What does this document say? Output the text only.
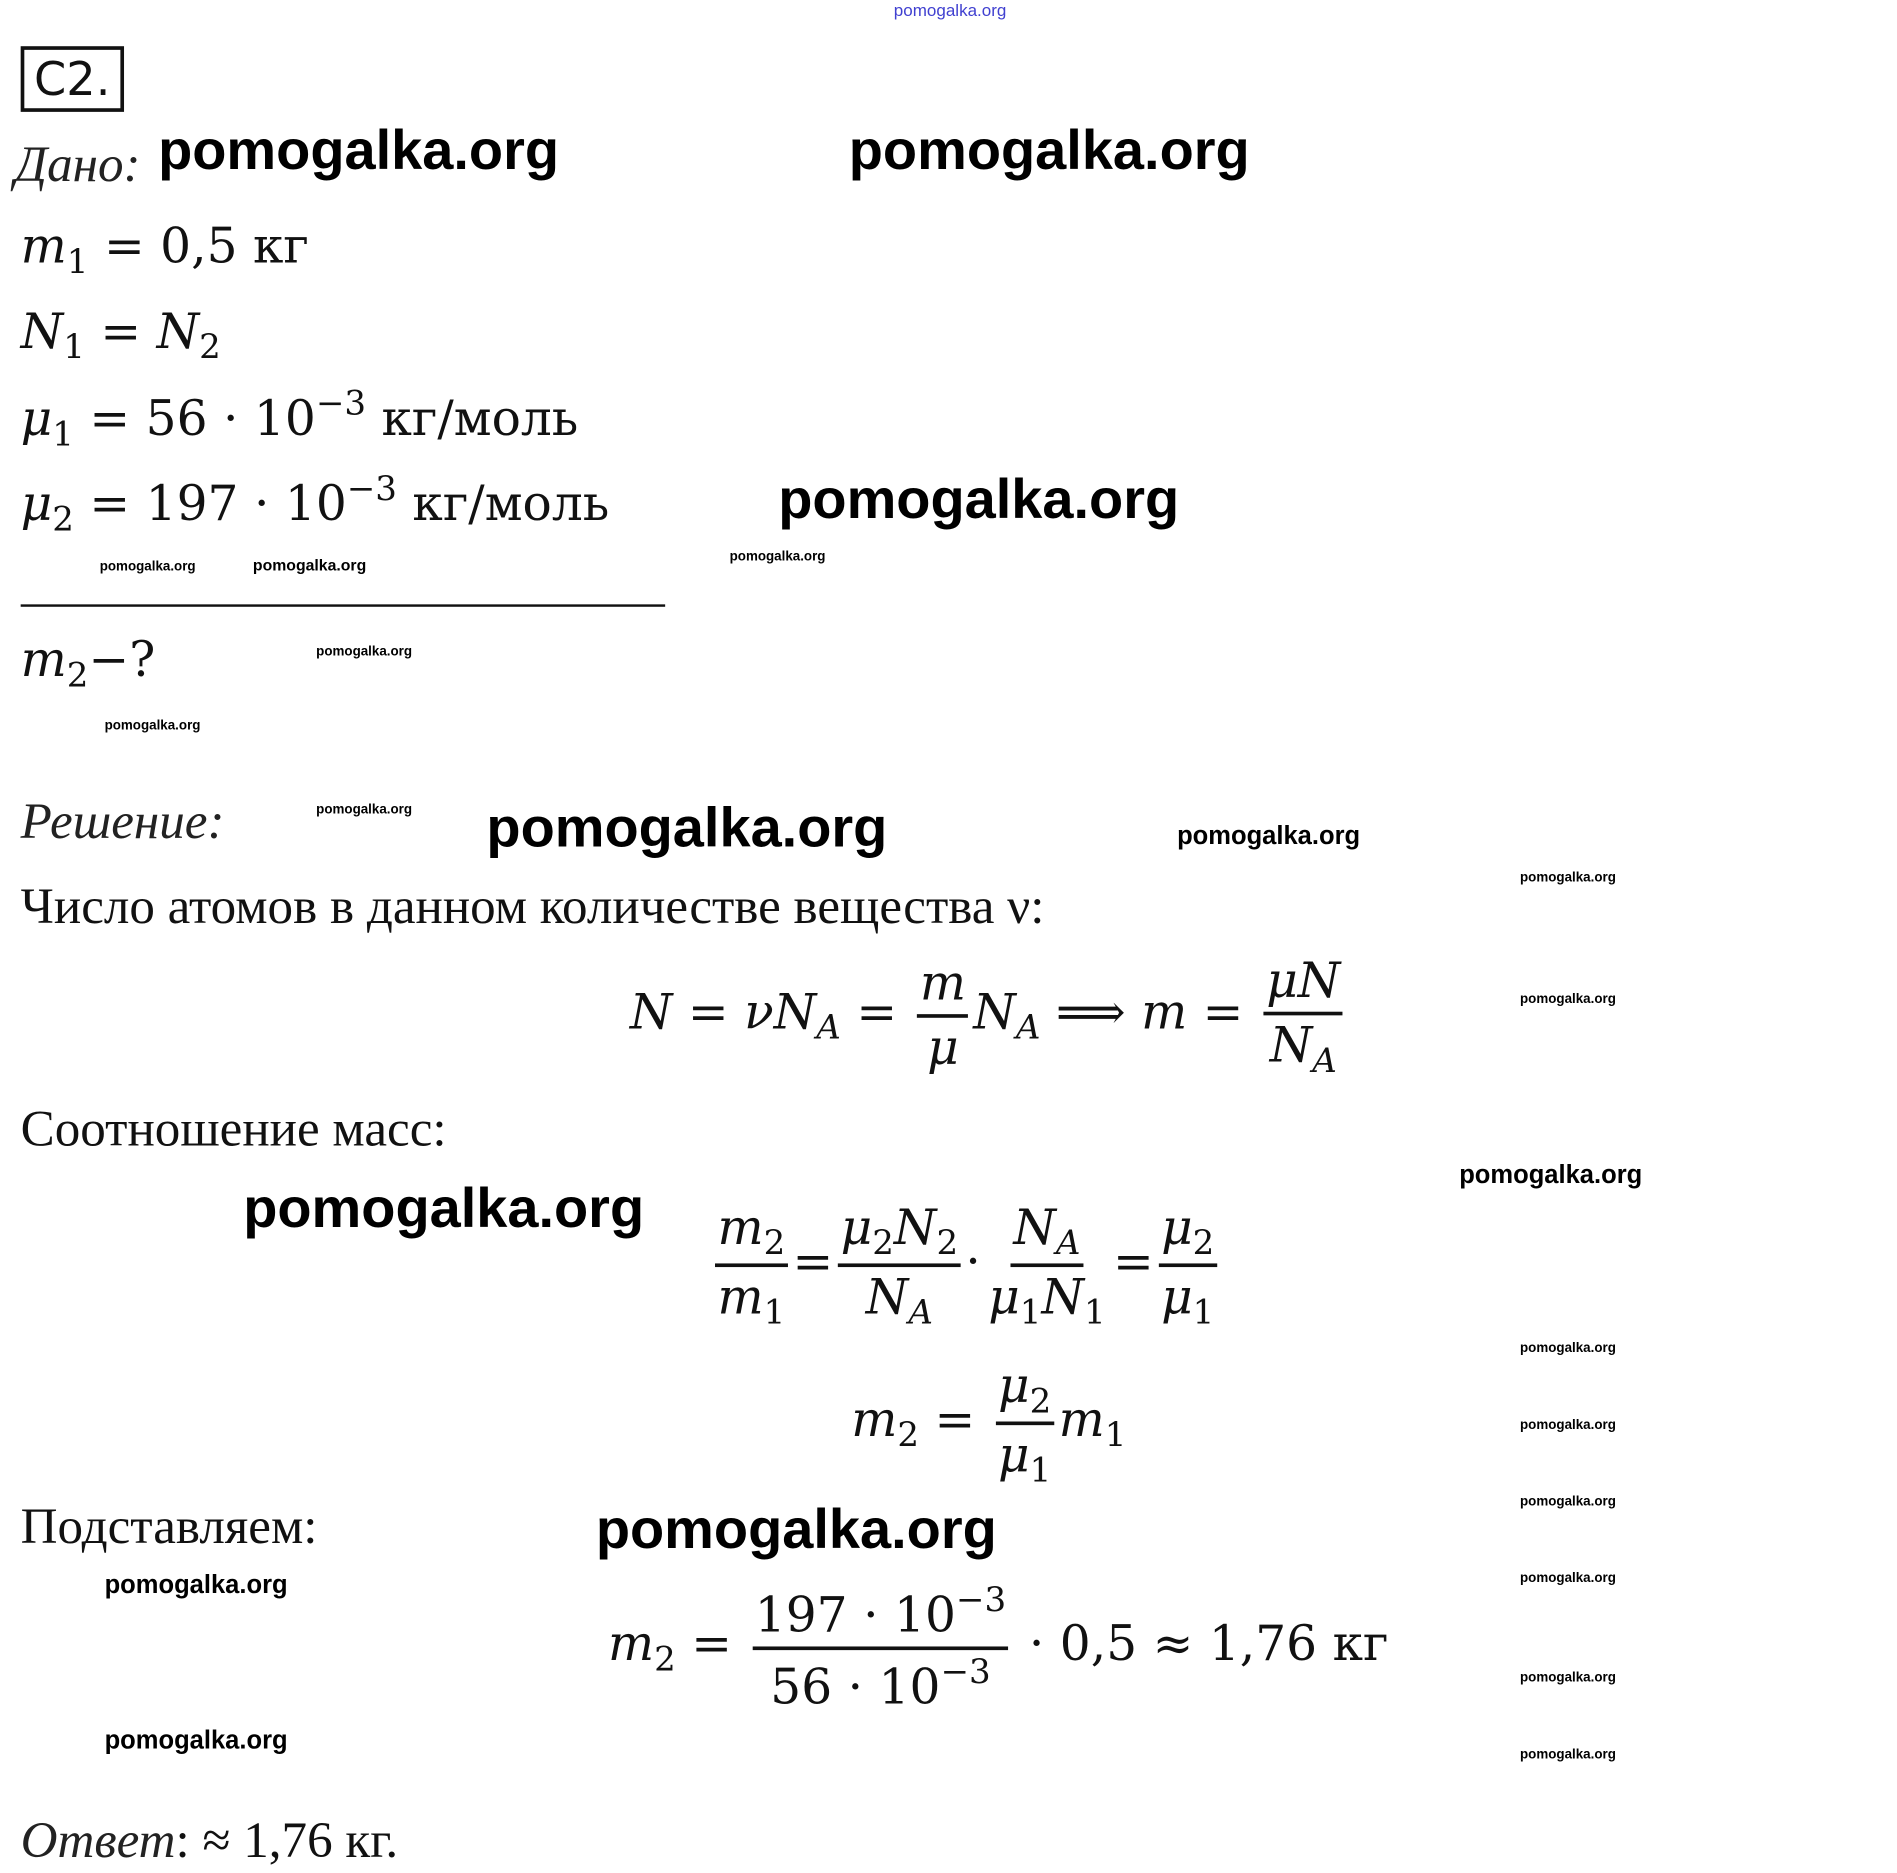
pomogalka.org
C2.
Дано: pomogalka.org	pomogalka.org
$m_1 = 0,5$ кг
$N_1 = N_2$
$\mu_1 = 56 \cdot 10^{-3}$ кг/моль
$\mu_2 = 197 \cdot 10^{-3}$ кг/моль	pomogalka.org
pomogalka.org
pomogalka.org
pomogalka.org
pomogalka.org
$m_2-$?
pomogalka.org
pomogalka.org
Решение:	pomogalka.org	pomogalka.org
pomogalka.org
Число атомов в данном количестве вещества ν:
$N = \nu N_A = \frac{m}{\mu} N_A$ ⟹ $m = \frac{\mu N}{N_A}$	pomogalka.org
Соотношение масс:
pomogalka.org
pomogalka.org
$\frac{m_2}{m_1} = \frac{\mu_2N_2}{N_A} \cdot \frac{N_A}{\mu_1N_1} = \frac{\mu_2}{\mu_1}$
pomogalka.org
$m_2 = \frac{\mu_2}{\mu_1} m_1$	pomogalka.org
pomogalka.org
Подставляем:
pomogalka.org
pomogalka.org
pomogalka.org
$m_2 = \frac{197 \cdot 10^{-3}}{56 \cdot 10^{-3}} \cdot 0,5 \approx 1,76$ кг
pomogalka.org
pomogalka.org	pomogalka.org
Ответ: ≈ 1,76 кг.
